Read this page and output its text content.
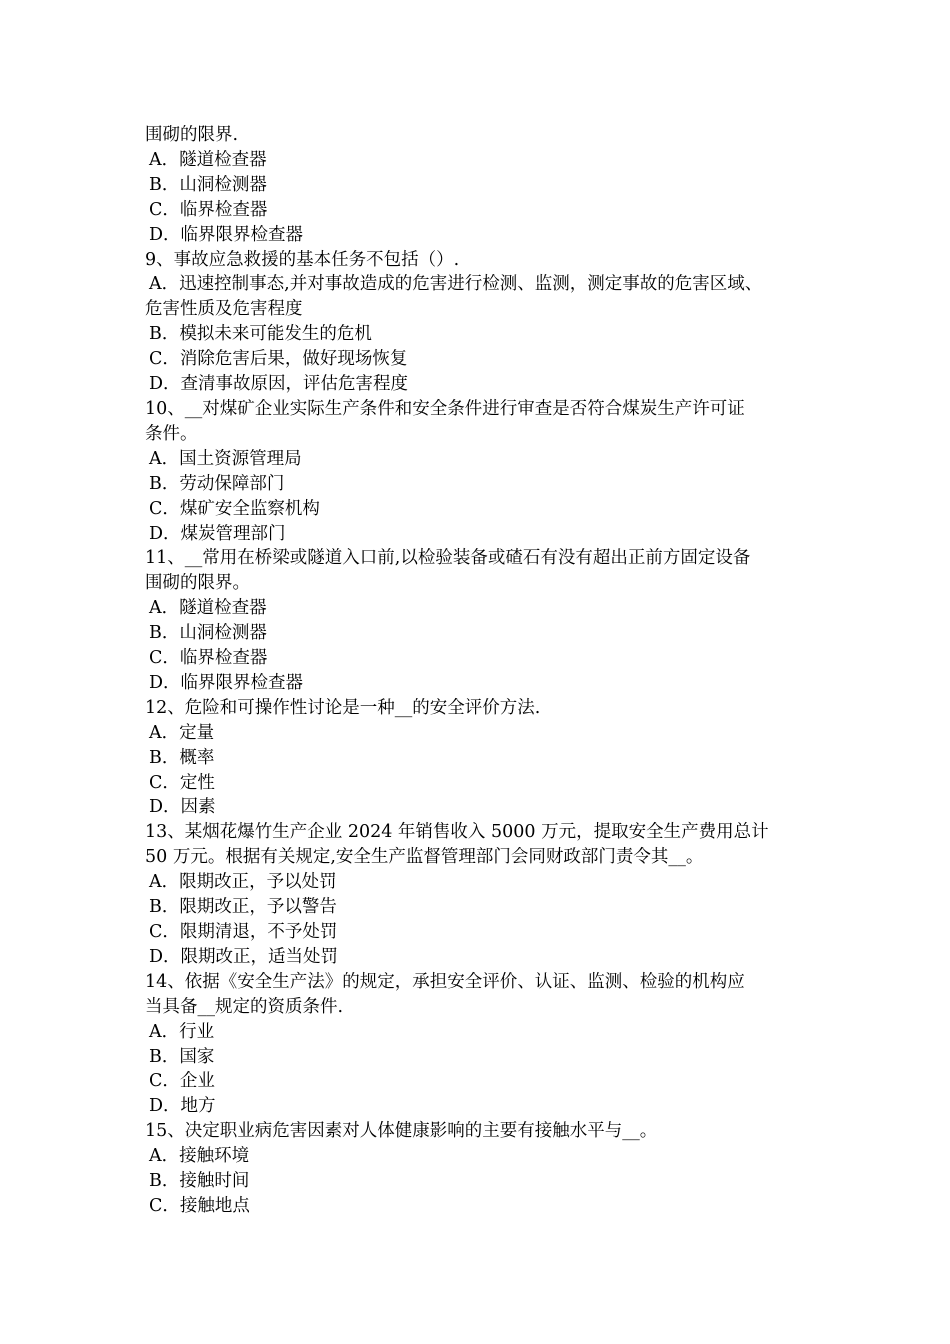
围砌的限界.

A．隧道检查器

B．山洞检测器

C．临界检查器

D．临界限界检查器

9、事故应急救援的基本任务不包括（）.

A．迅速控制事态,并对事故造成的危害进行检测、监测，测定事故的危害区域、

危害性质及危害程度

B．模拟未来可能发生的危机

C．消除危害后果，做好现场恢复

D．查清事故原因，评估危害程度

10、__对煤矿企业实际生产条件和安全条件进行审查是否符合煤炭生产许可证

条件。

A．国土资源管理局

B．劳动保障部门

C．煤矿安全监察机构

D．煤炭管理部门

11、__常用在桥梁或隧道入口前,以检验装备或碴石有没有超出正前方固定设备

围砌的限界。

A．隧道检查器

B．山洞检测器

C．临界检查器

D．临界限界检查器

12、危险和可操作性讨论是一种__的安全评价方法.

A．定量

B．概率

C．定性

D．因素

13、某烟花爆竹生产企业 2024 年销售收入 5000 万元，提取安全生产费用总计

50 万元。根据有关规定,安全生产监督管理部门会同财政部门责令其__。

A．限期改正，予以处罚

B．限期改正，予以警告

C．限期清退，不予处罚

D．限期改正，适当处罚

14、依据《安全生产法》的规定，承担安全评价、认证、监测、检验的机构应

当具备__规定的资质条件.

A．行业

B．国家

C．企业

D．地方

15、决定职业病危害因素对人体健康影响的主要有接触水平与__。

A．接触环境

B．接触时间

C．接触地点
